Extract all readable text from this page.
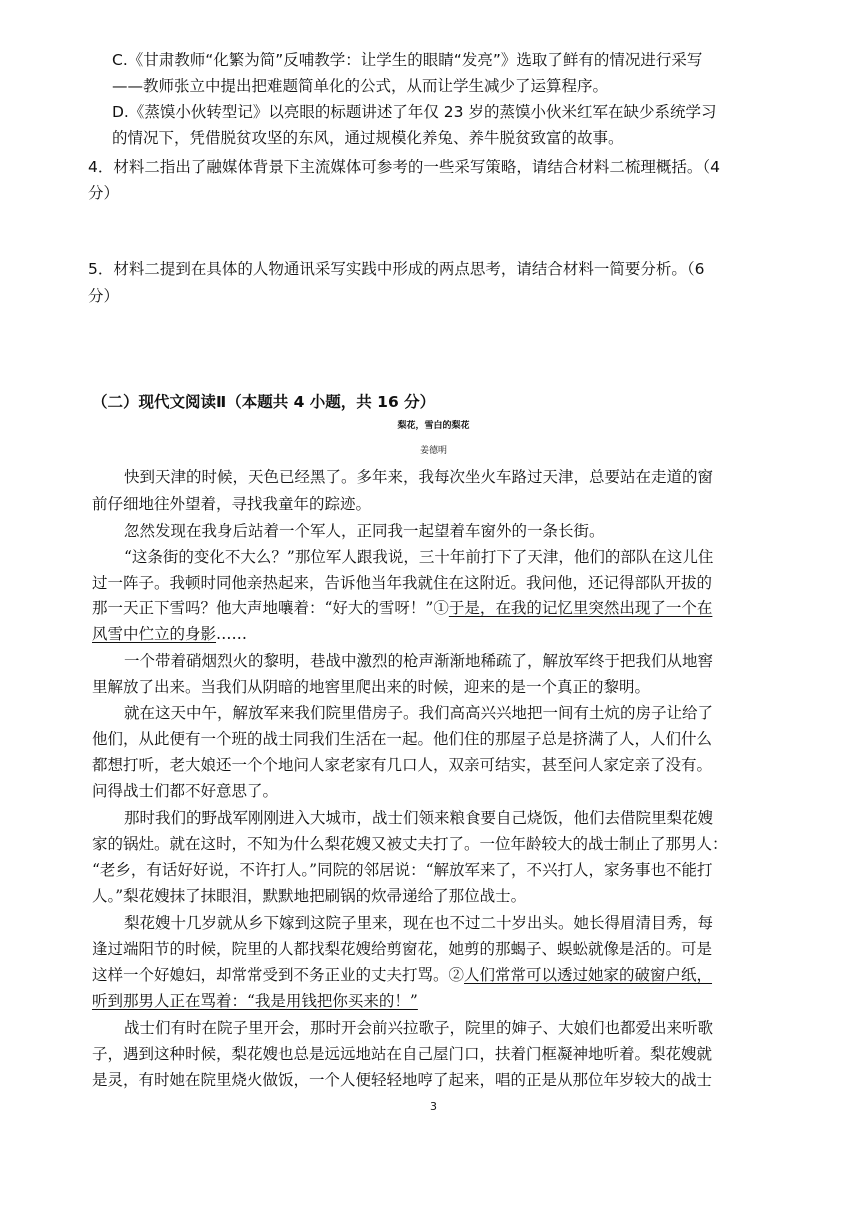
C.《甘肃教师“化繁为简”反哺教学：让学生的眼睛“发亮”》选取了鲜有的情况进行采写
——教师张立中提出把难题简单化的公式，从而让学生减少了运算程序。
D.《蒸馍小伙转型记》以亮眼的标题讲述了年仅 23 岁的蒸馍小伙米红军在缺少系统学习
的情况下，凭借脱贫攻坚的东风，通过规模化养兔、养牛脱贫致富的故事。
4．材料二指出了融媒体背景下主流媒体可参考的一些采写策略，请结合材料二梳理概括。（4
分）
5．材料二提到在具体的人物通讯采写实践中形成的两点思考，请结合材料一简要分析。（6
分）
（二）现代文阅读Ⅱ（本题共 4 小题，共 16 分）
梨花，雪白的梨花
姜德明
快到天津的时候，天色已经黑了。多年来，我每次坐火车路过天津，总要站在走道的窗
前仔细地往外望着，寻找我童年的踪迹。
忽然发现在我身后站着一个军人，正同我一起望着车窗外的一条长街。
“这条街的变化不大么？”那位军人跟我说，三十年前打下了天津，他们的部队在这儿住
过一阵子。我顿时同他亲热起来，告诉他当年我就住在这附近。我问他，还记得部队开拔的
那一天正下雪吗？他大声地嚷着：“好大的雪呀！”①于是，在我的记忆里突然出现了一个在
风雪中伫立的身影……
一个带着硝烟烈火的黎明，巷战中激烈的枪声渐渐地稀疏了，解放军终于把我们从地窖
里解放了出来。当我们从阴暗的地窖里爬出来的时候，迎来的是一个真正的黎明。
就在这天中午，解放军来我们院里借房子。我们高高兴兴地把一间有土炕的房子让给了
他们，从此便有一个班的战士同我们生活在一起。他们住的那屋子总是挤满了人，人们什么
都想打听，老大娘还一个个地问人家老家有几口人，双亲可结实，甚至问人家定亲了没有。
问得战士们都不好意思了。
那时我们的野战军刚刚进入大城市，战士们领来粮食要自己烧饭，他们去借院里梨花嫂
家的锅灶。就在这时，不知为什么梨花嫂又被丈夫打了。一位年龄较大的战士制止了那男人：
“老乡，有话好好说，不许打人。”同院的邻居说：“解放军来了，不兴打人，家务事也不能打
人。”梨花嫂抹了抹眼泪，默默地把刷锅的炊帚递给了那位战士。
梨花嫂十几岁就从乡下嫁到这院子里来，现在也不过二十岁出头。她长得眉清目秀，每
逢过端阳节的时候，院里的人都找梨花嫂给剪窗花，她剪的那蝎子、蜈蚣就像是活的。可是
这样一个好媳妇，却常常受到不务正业的丈夫打骂。②人们常常可以透过她家的破窗户纸，
听到那男人正在骂着：“我是用钱把你买来的！”
战士们有时在院子里开会，那时开会前兴拉歌子，院里的婶子、大娘们也都爱出来听歌
子，遇到这种时候，梨花嫂也总是远远地站在自己屋门口，扶着门框凝神地听着。梨花嫂就
是灵，有时她在院里烧火做饭，一个人便轻轻地哼了起来，唱的正是从那位年岁较大的战士
3
